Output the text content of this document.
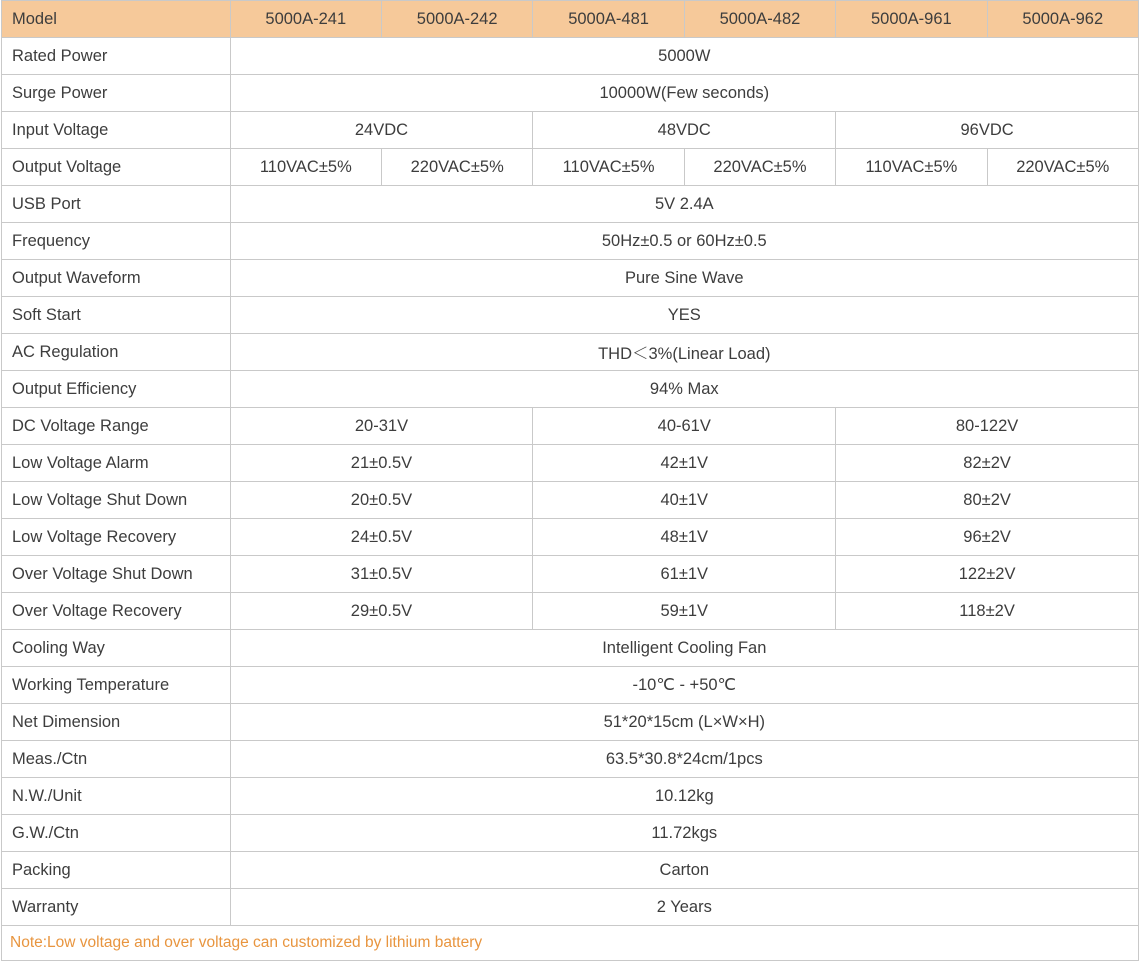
Model	5000A-241	5000A-242	5000A-481	5000A-482	5000A-961	5000A-962
Rated Power	5000W					
Surge Power	10000W(Few seconds)					
Input Voltage	24VDC		48VDC		96VDC	
Output Voltage	110VAC±5%	220VAC±5%	110VAC±5%	220VAC±5%	110VAC±5%	220VAC±5%
USB Port	5V 2.4A					
Frequency	50Hz±0.5 or 60Hz±0.5					
Output Waveform	Pure Sine Wave					
Soft Start	YES					
AC Regulation	THD＜3%(Linear Load)					
Output Efficiency	94% Max					
DC Voltage Range	20-31V		40-61V		80-122V	
Low Voltage Alarm	21±0.5V		42±1V		82±2V	
Low Voltage Shut Down	20±0.5V		40±1V		80±2V	
Low Voltage Recovery	24±0.5V		48±1V		96±2V	
Over Voltage Shut Down	31±0.5V		61±1V		122±2V	
Over Voltage Recovery	29±0.5V		59±1V		118±2V	
Cooling Way	Intelligent Cooling Fan					
Working Temperature	-10℃ - +50℃					
Net Dimension	51*20*15cm (L×W×H)					
Meas./Ctn	63.5*30.8*24cm/1pcs					
N.W./Unit	10.12kg					
G.W./Ctn	11.72kgs					
Packing	Carton					
Warranty	2 Years					
Note:Low voltage and over voltage can customized by lithium battery						
